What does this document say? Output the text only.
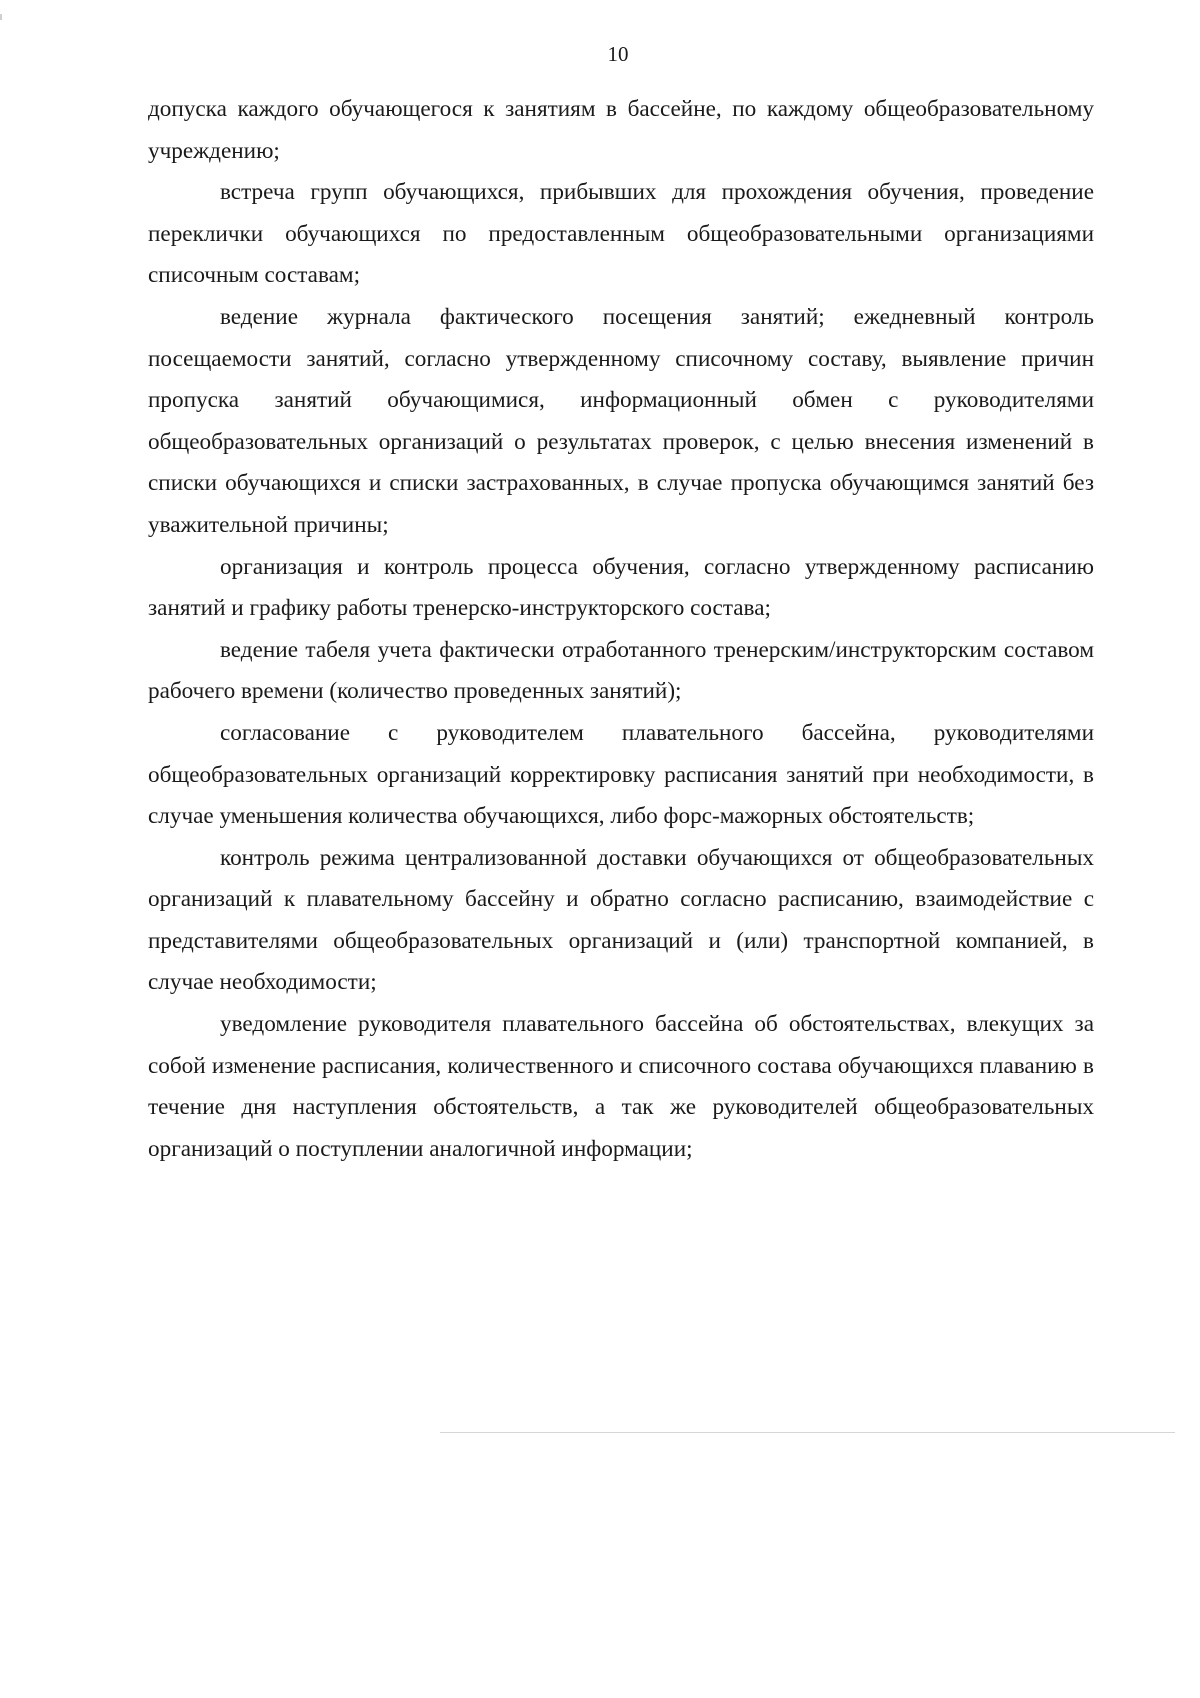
10

допуска каждого обучающегося к занятиям в бассейне, по каждому общеобразовательному учреждению;

встреча групп обучающихся, прибывших для прохождения обучения, проведение переклички обучающихся по предоставленным общеобразовательными организациями списочным составам;

ведение журнала фактического посещения занятий; ежедневный контроль посещаемости занятий, согласно утвержденному списочному составу, выявление причин пропуска занятий обучающимися, информационный обмен с руководителями общеобразовательных организаций о результатах проверок, с целью внесения изменений в списки обучающихся и списки застрахованных, в случае пропуска обучающимся занятий без уважительной причины;

организация и контроль процесса обучения, согласно утвержденному расписанию занятий и графику работы тренерско-инструкторского состава;

ведение табеля учета фактически отработанного тренерским/инструкторским составом рабочего времени (количество проведенных занятий);

согласование с руководителем плавательного бассейна, руководителями общеобразовательных организаций корректировку расписания занятий при необходимости, в случае уменьшения количества обучающихся, либо форс-мажорных обстоятельств;

контроль режима централизованной доставки обучающихся от общеобразовательных организаций к плавательному бассейну и обратно согласно расписанию, взаимодействие с представителями общеобразовательных организаций и (или) транспортной компанией, в случае необходимости;

уведомление руководителя плавательного бассейна об обстоятельствах, влекущих за собой изменение расписания, количественного и списочного состава обучающихся плаванию в течение дня наступления обстоятельств, а так же руководителей общеобразовательных организаций о поступлении аналогичной информации;
